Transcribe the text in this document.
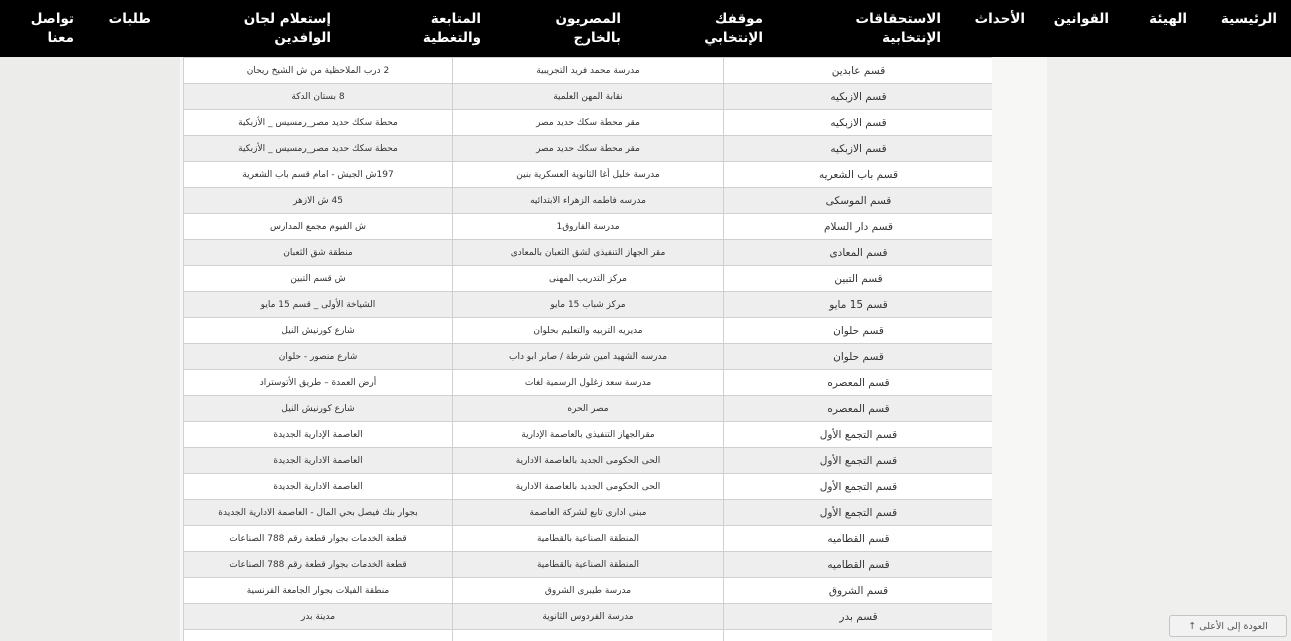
الرئيسية
الهيئة
القوانين
الأحداث
الاستحقاقات الإنتخابية
موقفك الإنتخابي
المصريون بالخارج
المتابعة والتغطية
إستعلام لجان الوافدين
طلبات
تواصل معنا
قسم عابدين	مدرسة محمد فريد التجريبية	2 درب الملاحظية من ش الشيخ ريحان
قسم الازبكيه	نقابة المهن العلمية	8 بستان الدكة
قسم الازبكيه	مقر محطة سكك حديد مصر	محطة سكك حديد مصر_رمسيس _ الأزبكية
قسم الازبكيه	مقر محطة سكك حديد مصر	محطة سكك حديد مصر_رمسيس _ الأزبكية
قسم باب الشعريه	مدرسة خليل أغا الثانوية العسكرية بنين	197ش الجيش - امام قسم باب الشعرية
قسم الموسكى	مدرسه فاطمه الزهراء الابتدائيه	45 ش الازهر
قسم دار السلام	مدرسة الفاروق1	ش الفيوم مجمع المدارس
قسم المعادى	مقر الجهاز التنفيذى لشق الثعبان بالمعادى	منطقة شق الثعبان
قسم التبين	مركز التدريب المهنى	ش قسم التبين
قسم 15 مايو	مركز شباب 15 مايو	الشياخة الأولى _ قسم 15 مايو
قسم حلوان	مديريه التربيه والتعليم بحلوان	شارع كورنيش النيل
قسم حلوان	مدرسه الشهيد امين شرطة / صابر ابو داب	شارع منصور - حلوان
قسم المعصره	مدرسة سعد زغلول الرسمية لغات	أرض العمدة – طريق الأتوستراد
قسم المعصره	مصر الحره	شارع كورنيش النيل
قسم التجمع الأول	مقرالجهاز التنفيذى بالعاصمة الإدارية	العاصمة الإدارية الجديدة
قسم التجمع الأول	الحى الحكومى الجديد بالعاصمة الادارية	العاصمة الادارية الجديدة
قسم التجمع الأول	الحى الحكومى الجديد بالعاصمة الادارية	العاصمة الادارية الجديدة
قسم التجمع الأول	مبنى ادارى تابع لشركة العاصمة	بجوار بنك فيصل بحي المال - العاصمة الادارية الجديدة
قسم القطاميه	المنطقة الصناعية بالقطامية	قطعة الخدمات بجوار قطعة رقم 788 الصناعات
قسم القطاميه	المنطقة الصناعية بالقطامية	قطعة الخدمات بجوار قطعة رقم 788 الصناعات
قسم الشروق	مدرسة طيبرى الشروق	منطقة الفيلات بجوار الجامعة الفرنسية
قسم بدر	مدرسة الفردوس الثانوية	مدينة بدر

العودة إلى الأعلى ↑
